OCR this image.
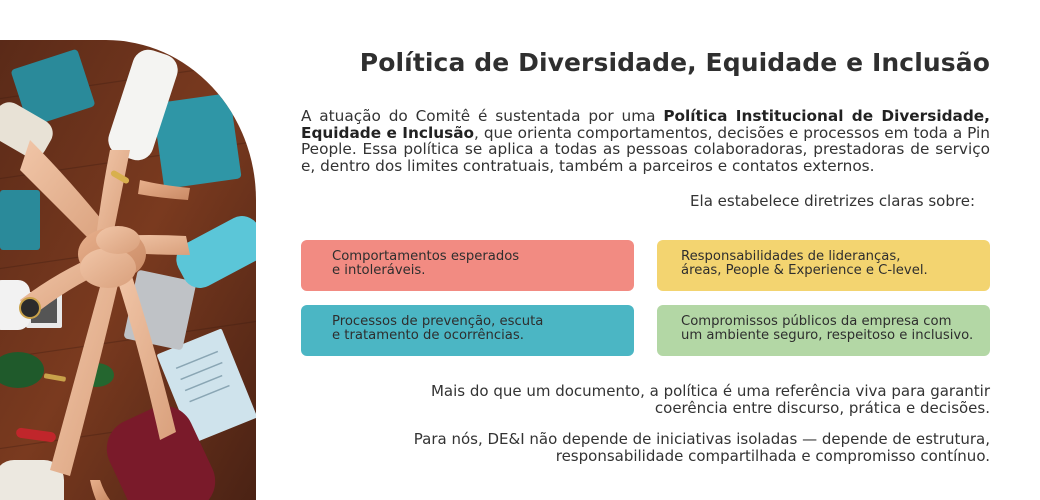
Política de Diversidade, Equidade e Inclusão

A atuação do Comitê é sustentada por uma Política Institucional de Diversidade, Equidade e Inclusão, que orienta comportamentos, decisões e processos em toda a Pin People. Essa política se aplica a todas as pessoas colaboradoras, prestadoras de serviço e, dentro dos limites contratuais, também a parceiros e contatos externos.

Ela estabelece diretrizes claras sobre:

Comportamentos esperados
e intoleráveis.
Responsabilidades de lideranças,
áreas, People & Experience e C-level.
Processos de prevenção, escuta
e tratamento de ocorrências.
Compromissos públicos da empresa com
um ambiente seguro, respeitoso e inclusivo.

Mais do que um documento, a política é uma referência viva para garantir
coerência entre discurso, prática e decisões.

Para nós, DE&I não depende de iniciativas isoladas — depende de estrutura,
responsabilidade compartilhada e compromisso contínuo.
